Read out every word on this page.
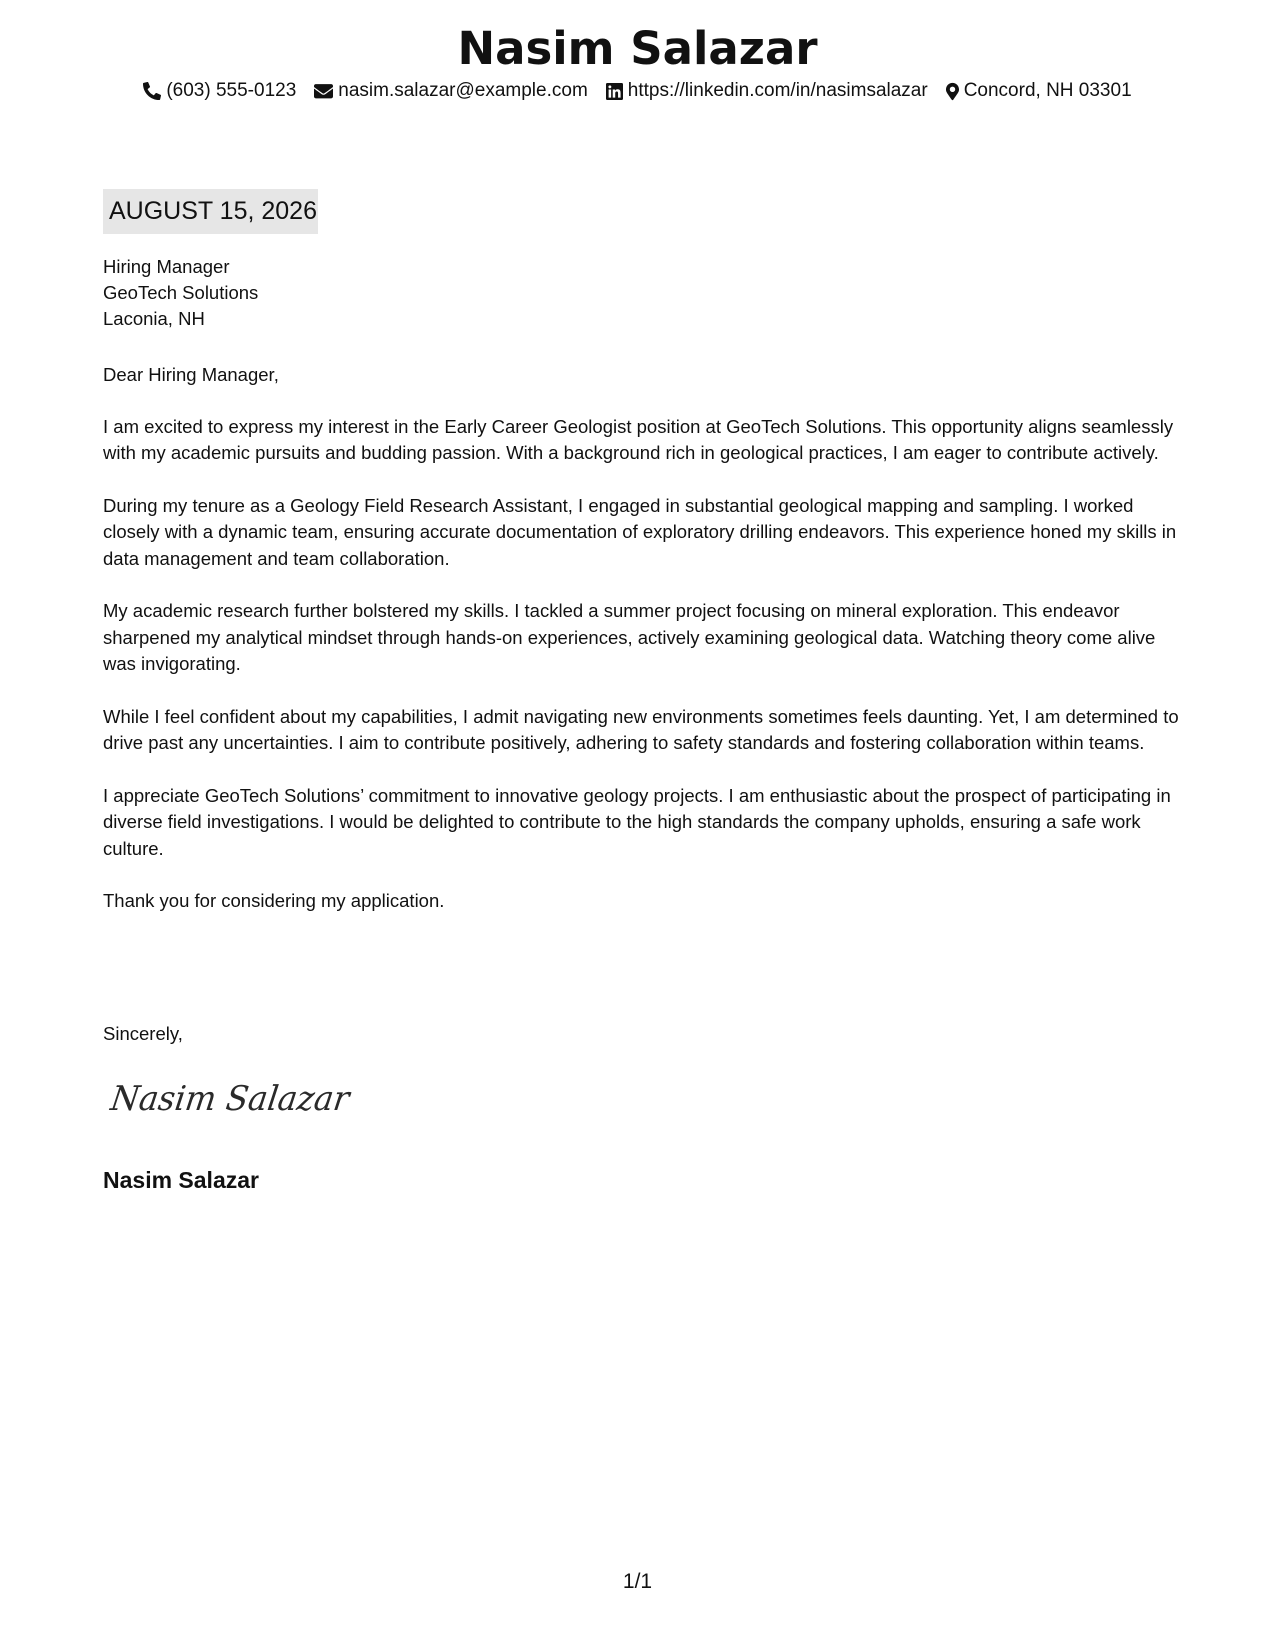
Nasim Salazar
(603) 555-0123 nasim.salazar@example.com https://linkedin.com/in/nasimsalazar Concord, NH 03301
AUGUST 15, 2026
Hiring Manager
GeoTech Solutions
Laconia, NH
Dear Hiring Manager,

I am excited to express my interest in the Early Career Geologist position at GeoTech Solutions. This opportunity aligns seamlessly with my academic pursuits and budding passion. With a background rich in geological practices, I am eager to contribute actively.

During my tenure as a Geology Field Research Assistant, I engaged in substantial geological mapping and sampling. I worked closely with a dynamic team, ensuring accurate documentation of exploratory drilling endeavors. This experience honed my skills in data management and team collaboration.

My academic research further bolstered my skills. I tackled a summer project focusing on mineral exploration. This endeavor sharpened my analytical mindset through hands-on experiences, actively examining geological data. Watching theory come alive was invigorating.

While I feel confident about my capabilities, I admit navigating new environments sometimes feels daunting. Yet, I am determined to drive past any uncertainties. I aim to contribute positively, adhering to safety standards and fostering collaboration within teams.

I appreciate GeoTech Solutions’ commitment to innovative geology projects. I am enthusiastic about the prospect of participating in diverse field investigations. I would be delighted to contribute to the high standards the company upholds, ensuring a safe work culture.

Thank you for considering my application.

Sincerely,
Nasim Salazar
Nasim Salazar
1/1
